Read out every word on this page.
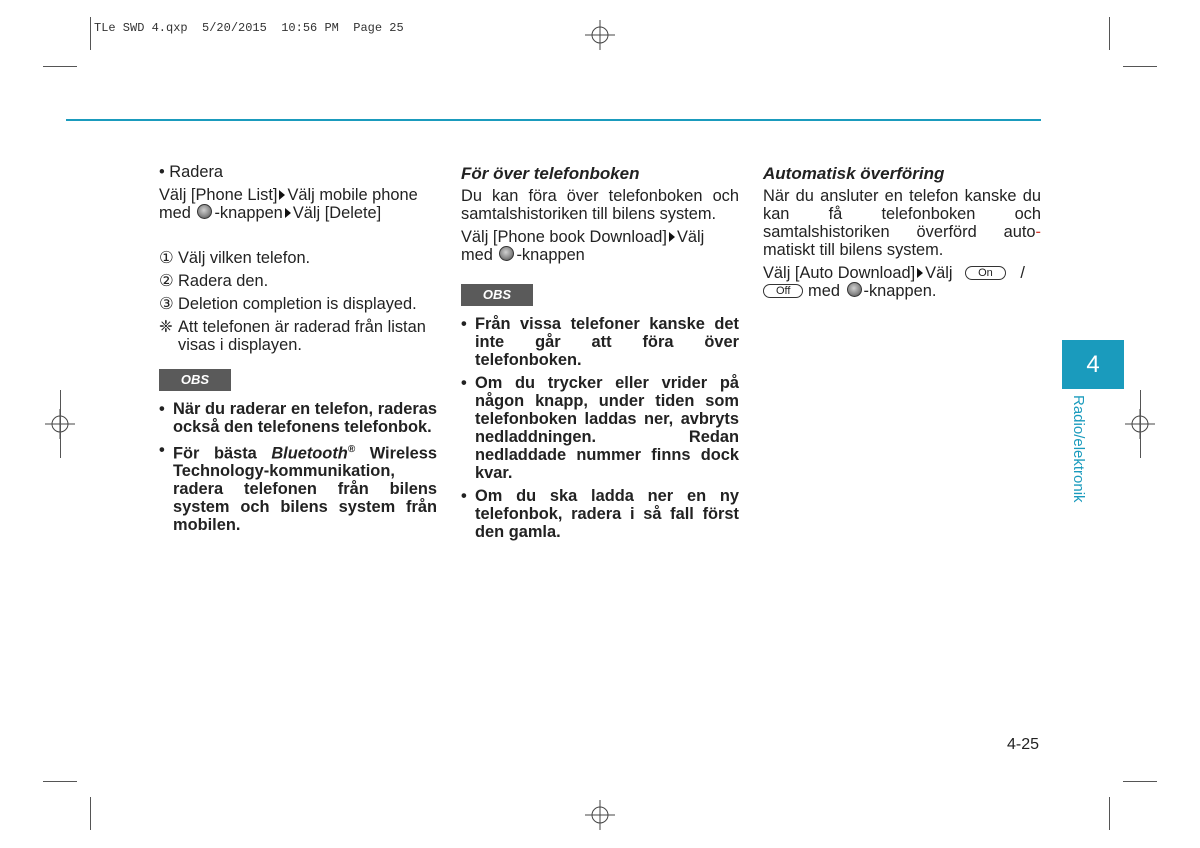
TLe SWD 4.qxp  5/20/2015  10:56 PM  Page 25

• Radera

Välj [Phone List] Välj mobile phone
med -knappen Välj [Delete]

① Välj vilken telefon.
② Radera den.
③ Deletion completion is displayed.
❈ Att telefonen är raderad från listan visas i displayen.
OBS
• När du raderar en telefon, raderas också den telefonens telefonbok.
• För bästa Bluetooth® Wireless Technology-kommunikation, radera telefonen från bilens system och bilens system från mobilen.

För över telefonboken

Du kan föra över telefonboken och samtalshistoriken till bilens system.

Välj [Phone book Download] Välj
med -knappen

OBS
• Från vissa telefoner kanske det inte går att föra över telefonboken.
• Om du trycker eller vrider på någon knapp, under tiden som telefonboken laddas ner, avbryts nedladdningen. Redan nedladdade nummer finns dock kvar.
• Om du ska ladda ner en ny telefonbok, radera i så fall först den gamla.

Automatisk överföring

När du ansluter en telefon kanske du kan få telefonboken och samtalshistoriken överförd auto- matiskt till bilens system.

Välj [Auto Download] Välj On /
Off med -knappen.

4
Radio/elektronik
4-25
